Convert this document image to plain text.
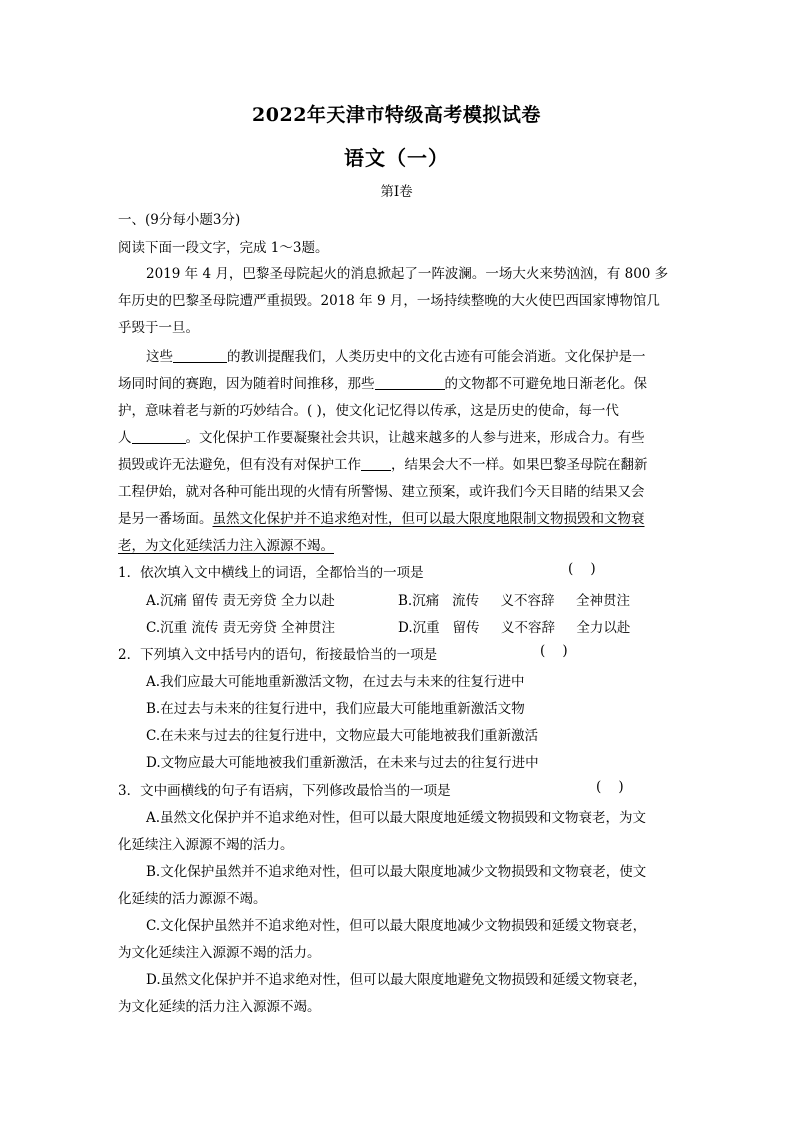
2022年天津市特级高考模拟试卷
语文（一）
第Ⅰ卷
一、(9分每小题3分)
阅读下面一段文字，完成 1～3题。
2019 年 4 月，巴黎圣母院起火的消息掀起了一阵波澜。一场大火来势汹汹，有 800 多
年历史的巴黎圣母院遭严重损毁。2018 年 9 月，一场持续整晚的大火使巴西国家博物馆几
乎毁于一旦。
这些	的教训提醒我们，人类历史中的文化古迹有可能会消逝。文化保护是一
场同时间的赛跑，因为随着时间推移，那些	的文物都不可避免地日渐老化。保
护，意味着老与新的巧妙结合。( )，使文化记忆得以传承，这是历史的使命，每一代
人	。文化保护工作要凝聚社会共识，让越来越多的人参与进来，形成合力。有些
损毁或许无法避免，但有没有对保护工作 ，结果会大不一样。如果巴黎圣母院在翻新
工程伊始，就对各种可能出现的火情有所警惕、建立预案，或许我们今天目睹的结果又会
是另一番场面。虽然文化保护并不追求绝对性，但可以最大限度地限制文物损毁和文物衰
老，为文化延续活力注入源源不竭。
1．依次填入文中横线上的词语，全都恰当的一项是	(    )
A.沉痛 留传 责无旁贷 全力以赴	B.沉痛   流传     义不容辞     全神贯注
C.沉重 流传 责无旁贷 全神贯注	D.沉重   留传     义不容辞     全力以赴
2．下列填入文中括号内的语句，衔接最恰当的一项是	(    )
A.我们应最大可能地重新激活文物，在过去与未来的往复行进中
B.在过去与未来的往复行进中，我们应最大可能地重新激活文物
C.在未来与过去的往复行进中，文物应最大可能地被我们重新激活
D.文物应最大可能地被我们重新激活，在未来与过去的往复行进中
3．文中画横线的句子有语病，下列修改最恰当的一项是	(    )
A.虽然文化保护并不追求绝对性，但可以最大限度地延缓文物损毁和文物衰老，为文
化延续注入源源不竭的活力。
B.文化保护虽然并不追求绝对性，但可以最大限度地减少文物损毁和文物衰老，使文
化延续的活力源源不竭。
C.文化保护虽然并不追求绝对性，但可以最大限度地减少文物损毁和延缓文物衰老，
为文化延续注入源源不竭的活力。
D.虽然文化保护并不追求绝对性，但可以最大限度地避免文物损毁和延缓文物衰老，
为文化延续的活力注入源源不竭。
